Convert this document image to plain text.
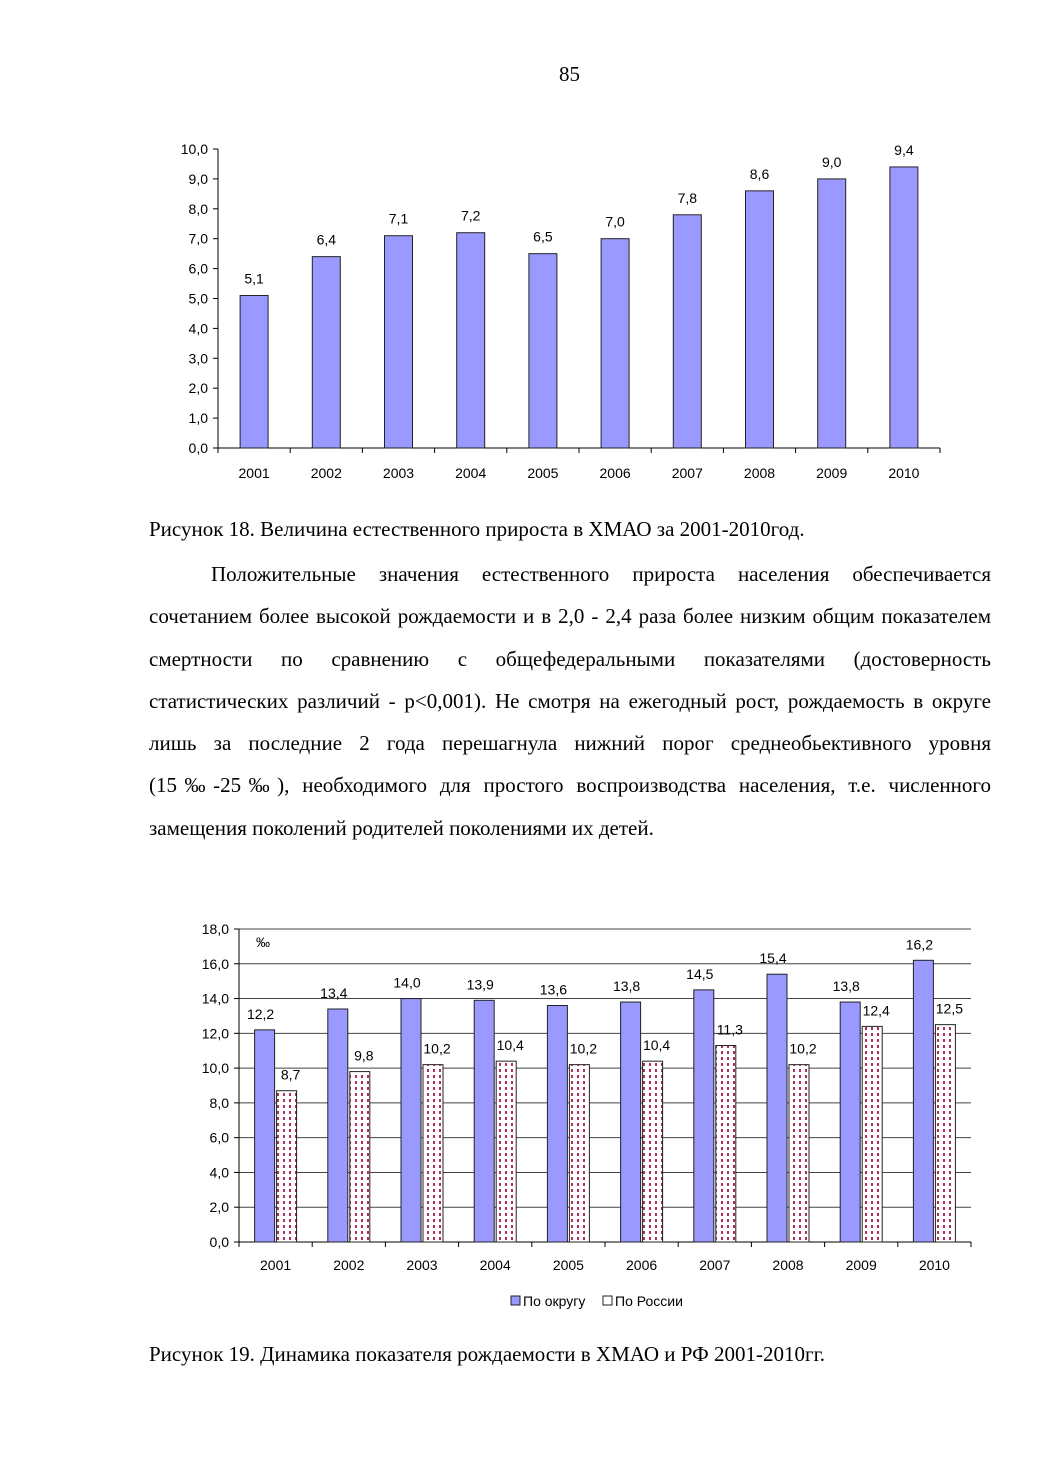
85
0,0
1,0
2,0
3,0
4,0
5,0
6,0
7,0
8,0
9,0
10,0
5,1
2001
6,4
2002
7,1
2003
7,2
2004
6,5
2005
7,0
2006
7,8
2007
8,6
2008
9,0
2009
9,4
2010
Рисунок 18. Величина естественного прироста в ХМАО за 2001-2010год.

Положительные значения естественного прироста населения обеспечивается сочетанием более высокой рождаемости и в 2,0 - 2,4 раза более низким общим показателем смертности по сравнению с общефедеральными показателями (достоверность статистических различий - p<0,001). Не смотря на ежегодный рост, рождаемость в округе лишь за последние 2 года перешагнула нижний порог среднеобьективного уровня (15‰-25‰), необходимого для простого воспроизводства населения, т.е. численного замещения поколений родителей поколениями их детей.

0,0
2,0
4,0
6,0
8,0
10,0
12,0
14,0
16,0
18,0
‰
12,2
8,7
2001
13,4
9,8
2002
14,0
10,2
2003
13,9
10,4
2004
13,6
10,2
2005
13,8
10,4
2006
14,5
11,3
2007
15,4
10,2
2008
13,8
12,4
2009
16,2
12,5
2010
По округу По России
Рисунок 19. Динамика показателя рождаемости в ХМАО и РФ 2001-2010гг.
